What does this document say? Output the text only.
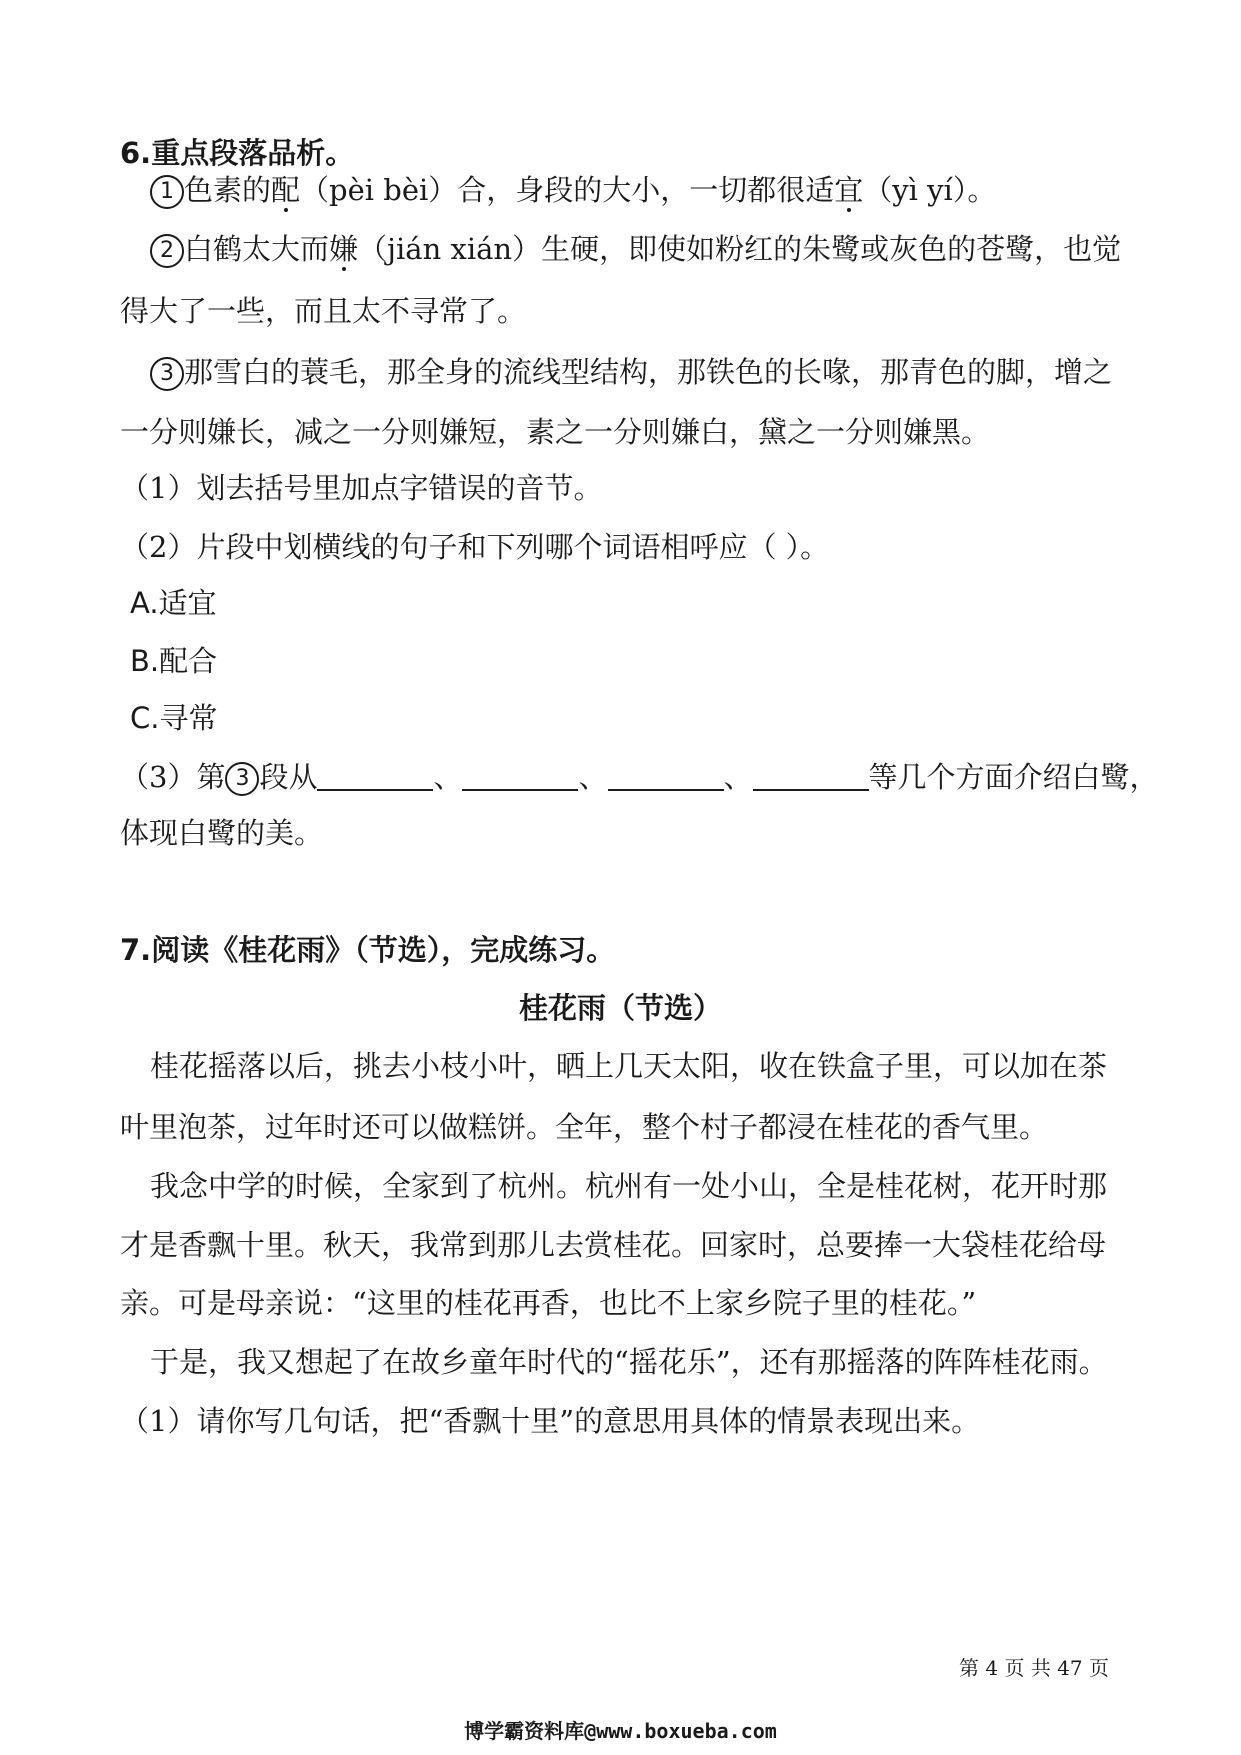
6.重点段落品析。
1 色素的配（pèi bèi）合，身段的大小，一切都很适宜（yì yí）。
2 白鹤太大而嫌（jián xián）生硬，即使如粉红的朱鹭或灰色的苍鹭，也觉
得大了一些，而且太不寻常了。
3 那雪白的蓑毛，那全身的流线型结构，那铁色的长喙，那青色的脚，增之
一分则嫌长，减之一分则嫌短，素之一分则嫌白，黛之一分则嫌黑。
（1）划去括号里加点字错误的音节。
（2）片段中划横线的句子和下列哪个词语相呼应（ ）。
A.适宜
B.配合
C.寻常
（3）第 3 段从	、	、	、	等几个方面介绍白鹭，
体现白鹭的美。
7.阅读《桂花雨》（节选），完成练习。
桂花雨（节选）
桂花摇落以后，挑去小枝小叶，晒上几天太阳，收在铁盒子里，可以加在茶
叶里泡茶，过年时还可以做糕饼。全年，整个村子都浸在桂花的香气里。
我念中学的时候，全家到了杭州。杭州有一处小山，全是桂花树，花开时那
才是香飘十里。秋天，我常到那儿去赏桂花。回家时，总要捧一大袋桂花给母
亲。可是母亲说：“这里的桂花再香，也比不上家乡院子里的桂花。”
于是，我又想起了在故乡童年时代的“摇花乐”，还有那摇落的阵阵桂花雨。
（1）请你写几句话，把“香飘十里”的意思用具体的情景表现出来。
第 4 页 共 47 页
博学霸资料库@www.boxueba.com
